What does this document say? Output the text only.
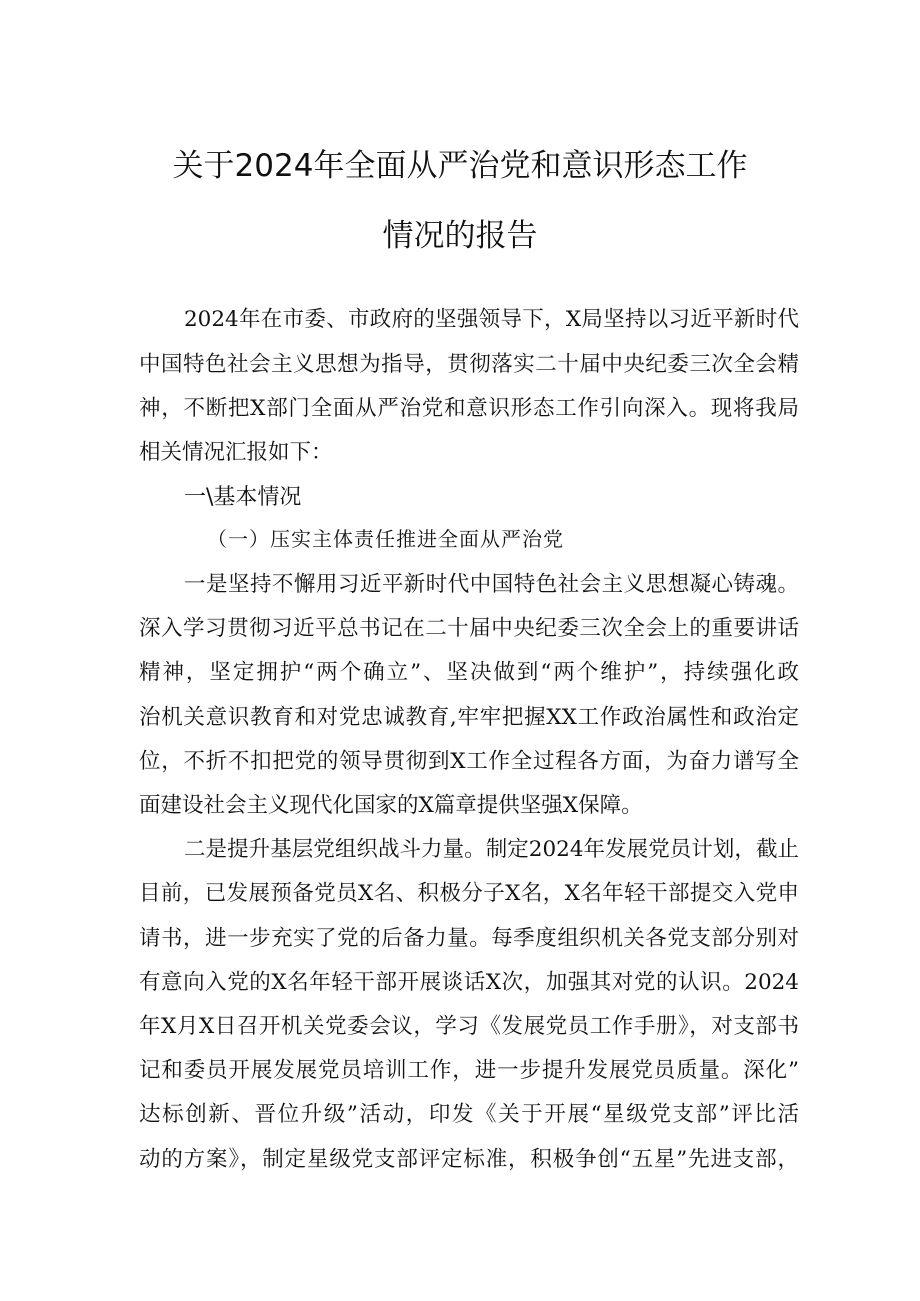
关于2024年全面从严治党和意识形态工作
情况的报告
2024年在市委、市政府的坚强领导下，X局坚持以习近平新时代
中国特色社会主义思想为指导，贯彻落实二十届中央纪委三次全会精
神，不断把X部门全面从严治党和意识形态工作引向深入。现将我局
相关情况汇报如下：
一\基本情况
（一）压实主体责任推进全面从严治党
一是坚持不懈用习近平新时代中国特色社会主义思想凝心铸魂。
深入学习贯彻习近平总书记在二十届中央纪委三次全会上的重要讲话
精神，坚定拥护“两个确立”、坚决做到“两个维护”，持续强化政
治机关意识教育和对党忠诚教育,牢牢把握XX工作政治属性和政治定
位，不折不扣把党的领导贯彻到X工作全过程各方面，为奋力谱写全
面建设社会主义现代化国家的X篇章提供坚强X保障。
二是提升基层党组织战斗力量。制定2024年发展党员计划，截止
目前，已发展预备党员X名、积极分子X名，X名年轻干部提交入党申
请书，进一步充实了党的后备力量。每季度组织机关各党支部分别对
有意向入党的X名年轻干部开展谈话X次，加强其对党的认识。2024
年X月X日召开机关党委会议，学习《发展党员工作手册》，对支部书
记和委员开展发展党员培训工作，进一步提升发展党员质量。深化”
达标创新、晋位升级”活动，印发《关于开展“星级党支部”评比活
动的方案》，制定星级党支部评定标准，积极争创“五星”先进支部，
